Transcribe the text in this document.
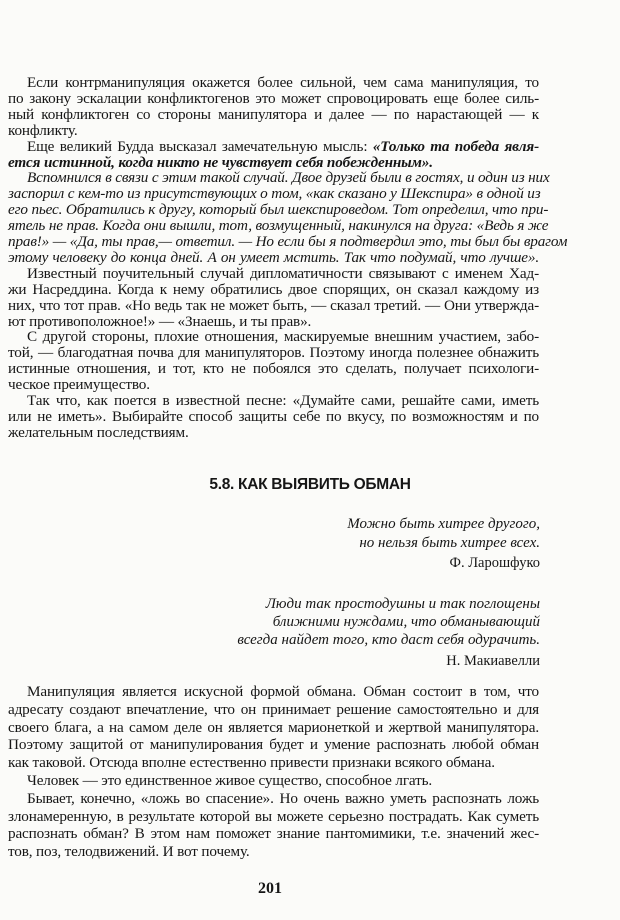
Если контрманипуляция окажется более сильной, чем сама манипуляция, то
по закону эскалации конфликтогенов это может спровоцировать еще более силь-
ный конфликтоген со стороны манипулятора и далее — по нарастающей — к
конфликту.
Еще великий Будда высказал замечательную мысль: «Только та победа явля-
ется истинной, когда никто не чувствует себя побежденным».
Вспомнился в связи с этим такой случай. Двое друзей были в гостях, и один из них
заспорил с кем-то из присутствующих о том, «как сказано у Шекспира» в одной из
его пьес. Обратились к другу, который был шекспироведом. Тот определил, что при-
ятель не прав. Когда они вышли, тот, возмущенный, накинулся на друга: «Ведь я же
прав!» — «Да, ты прав,— ответил. — Но если бы я подтвердил это, ты был бы врагом
этому человеку до конца дней. А он умеет мстить. Так что подумай, что лучше».
Известный поучительный случай дипломатичности связывают с именем Хад-
жи Насреддина. Когда к нему обратились двое спорящих, он сказал каждому из
них, что тот прав. «Но ведь так не может быть, — сказал третий. — Они утвержда-
ют противоположное!» — «Знаешь, и ты прав».
С другой стороны, плохие отношения, маскируемые внешним участием, забо-
той, — благодатная почва для манипуляторов. Поэтому иногда полезнее обнажить
истинные отношения, и тот, кто не побоялся это сделать, получает психологи-
ческое преимущество.
Так что, как поется в известной песне: «Думайте сами, решайте сами, иметь
или не иметь». Выбирайте способ защиты себе по вкусу, по возможностям и по
желательным последствиям.
5.8. КАК ВЫЯВИТЬ ОБМАН
Можно быть хитрее другого,
но нельзя быть хитрее всех.
Ф. Ларошфуко
Люди так простодушны и так поглощены
ближними нуждами, что обманывающий
всегда найдет того, кто даст себя одурачить.
Н. Макиавелли
Манипуляция является искусной формой обмана. Обман состоит в том, что
адресату создают впечатление, что он принимает решение самостоятельно и для
своего блага, а на самом деле он является марионеткой и жертвой манипулятора.
Поэтому защитой от манипулирования будет и умение распознать любой обман
как таковой. Отсюда вполне естественно привести признаки всякого обмана.
Человек — это единственное живое существо, способное лгать.
Бывает, конечно, «ложь во спасение». Но очень важно уметь распознать ложь
злонамеренную, в результате которой вы можете серьезно пострадать. Как суметь
распознать обман? В этом нам поможет знание пантомимики, т.е. значений жес-
тов, поз, телодвижений. И вот почему.
201
